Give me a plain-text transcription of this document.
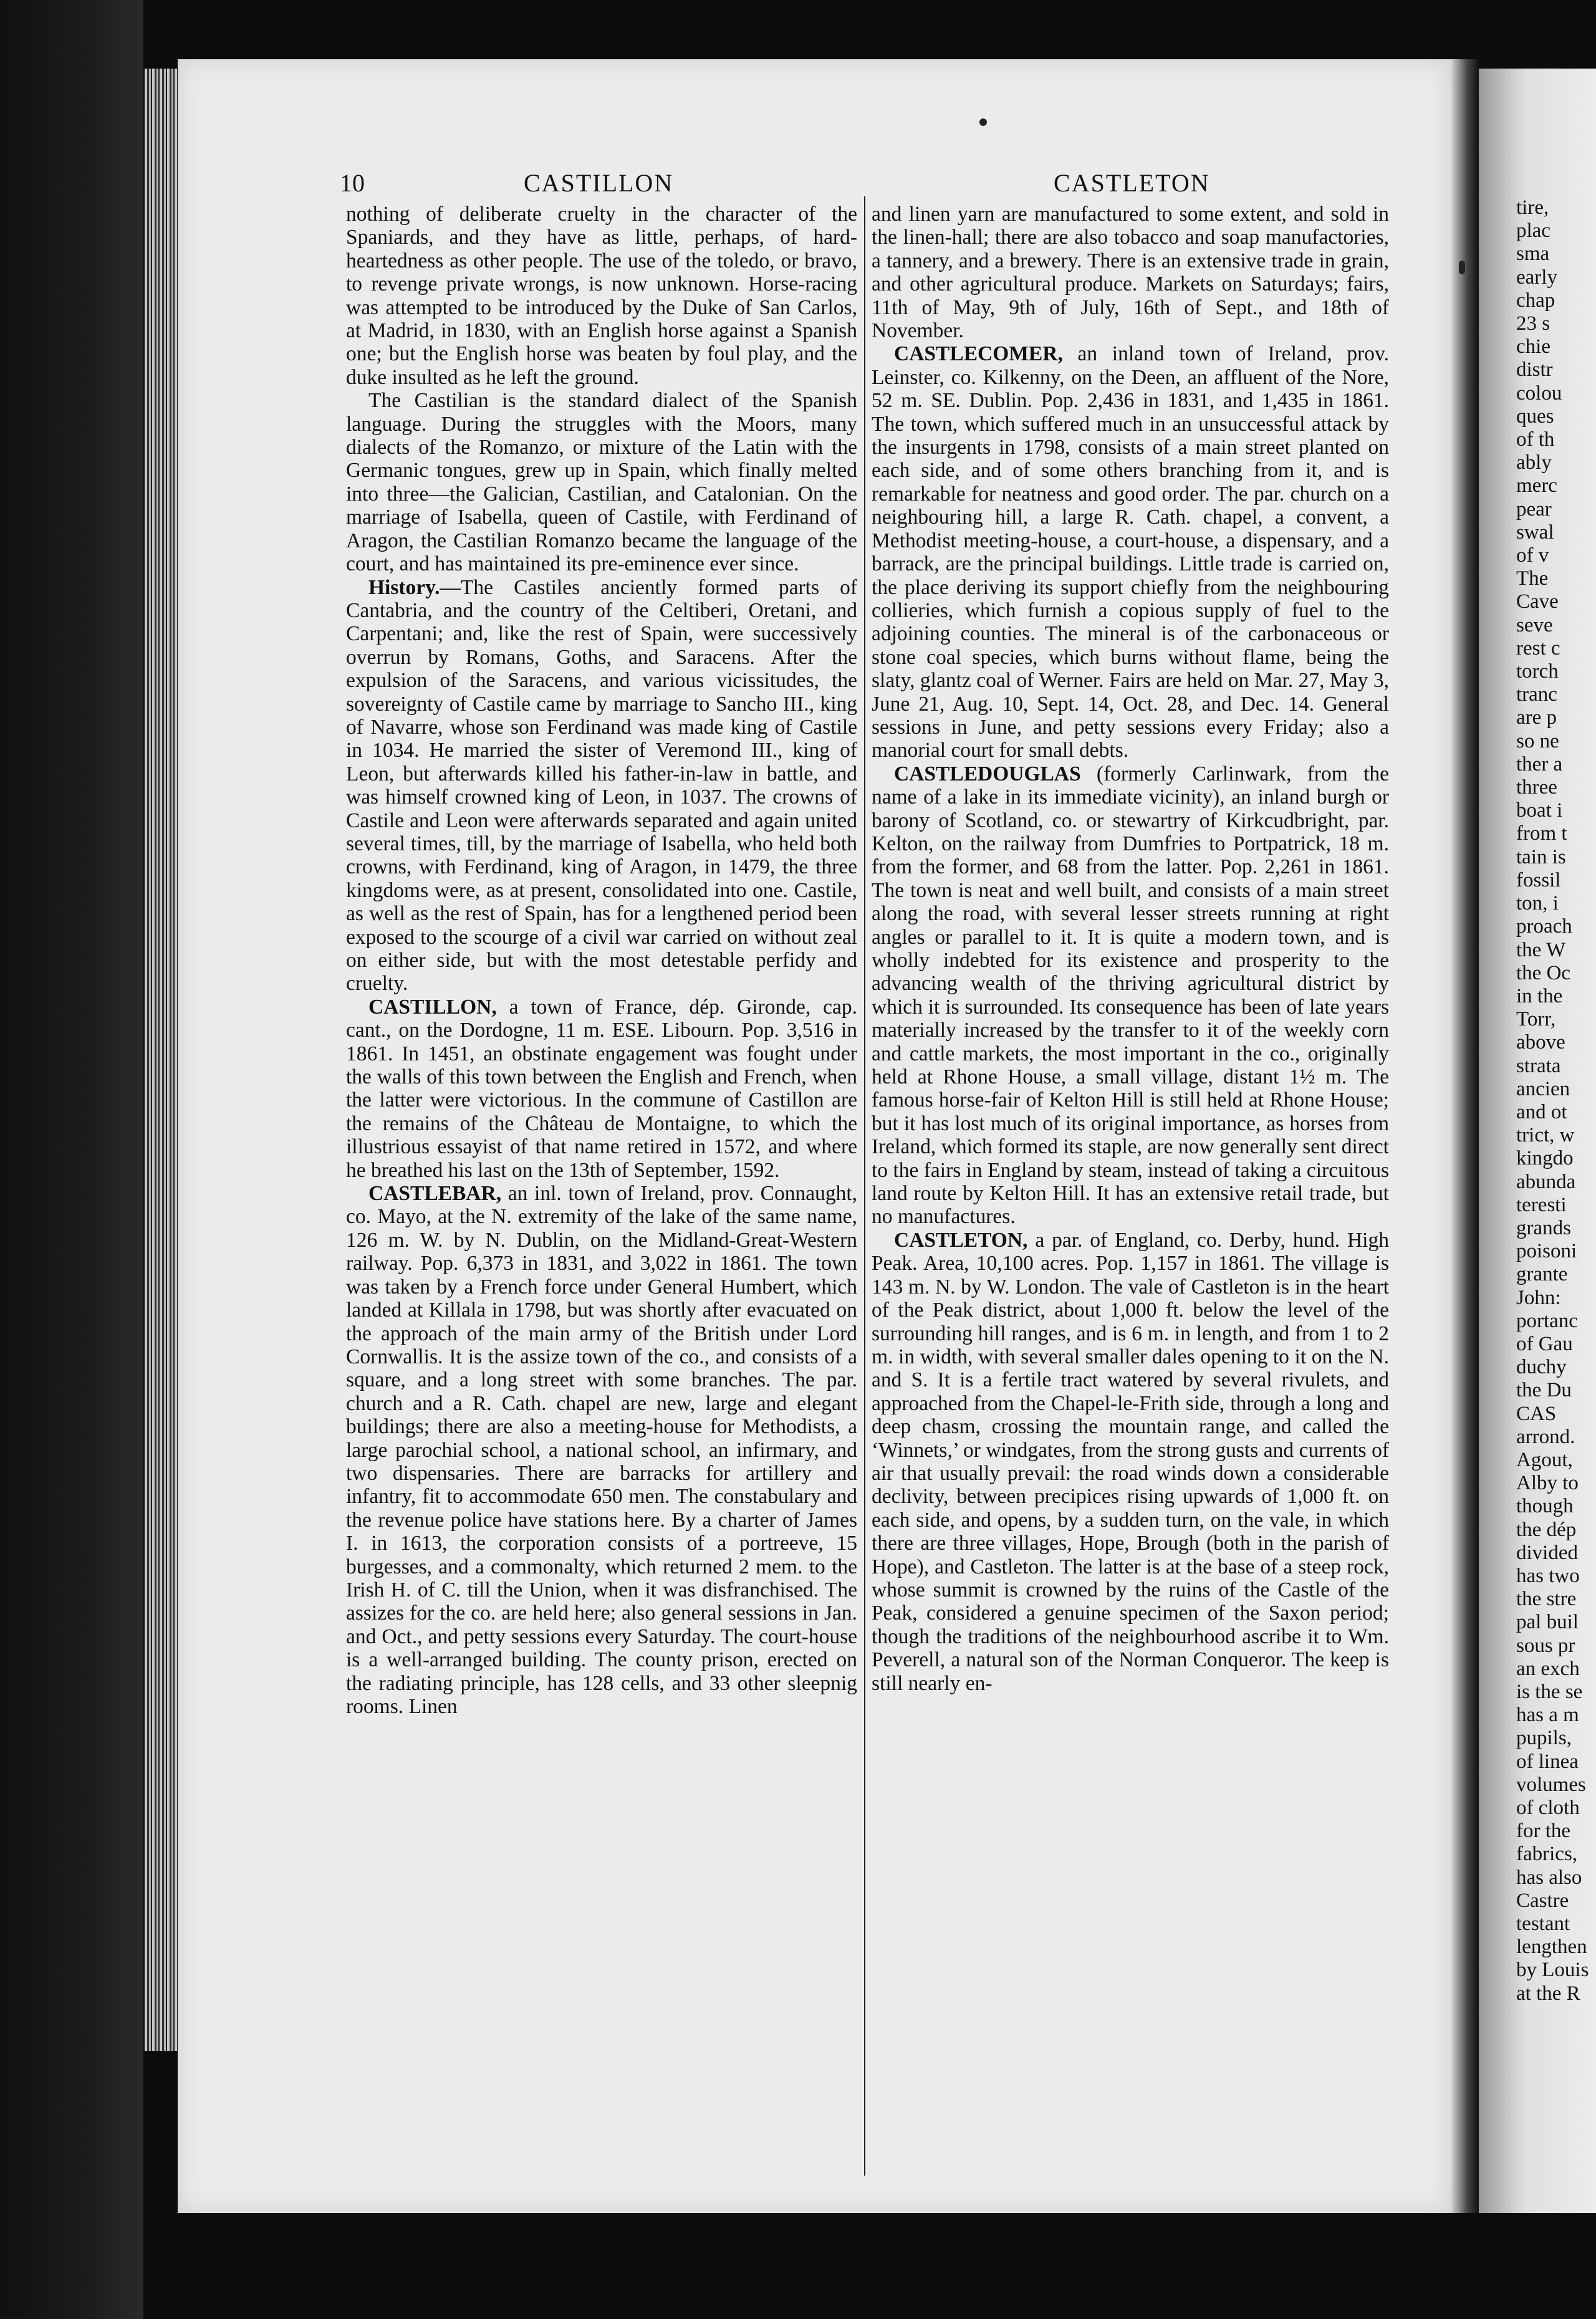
tire,
plac
sma
early
chap
23 s
chie
distr
colou
ques
of th
ably
merc
pear
swal
of v
The
Cave
seve
rest c
torch
tranc
are p
so ne
ther a
three
boat i
from t
tain is
fossil
ton, i
proach
the W
the Oc
in the
Torr,
above
strata
ancien
and ot
trict, w
kingdo
abunda
teresti
grands
poisoni
grante
John:
portanc
of Gau
duchy
the Du
CAS
arrond.
Agout,
Alby to
though
the dép
divided
has two
the stre
pal buil
sous pr
an exch
is the se
has a m
pupils,
of linea
volumes
of cloth
for the
fabrics,
has also
Castre
testant
lengthen
by Louis
at the R
10	CASTILLON	CASTLETON

nothing of deliberate cruelty in the character of the Spaniards, and they have as little, perhaps, of hard-heartedness as other people. The use of the toledo, or bravo, to revenge private wrongs, is now unknown. Horse-racing was attempted to be introduced by the Duke of San Carlos, at Madrid, in 1830, with an English horse against a Spanish one; but the English horse was beaten by foul play, and the duke insulted as he left the ground.

The Castilian is the standard dialect of the Spanish language. During the struggles with the Moors, many dialects of the Romanzo, or mixture of the Latin with the Germanic tongues, grew up in Spain, which finally melted into three—the Galician, Castilian, and Catalonian. On the marriage of Isabella, queen of Castile, with Ferdinand of Aragon, the Castilian Romanzo became the language of the court, and has maintained its pre-eminence ever since.

History.—The Castiles anciently formed parts of Cantabria, and the country of the Celtiberi, Oretani, and Carpentani; and, like the rest of Spain, were successively overrun by Romans, Goths, and Saracens. After the expulsion of the Saracens, and various vicissitudes, the sovereignty of Castile came by marriage to Sancho III., king of Navarre, whose son Ferdinand was made king of Castile in 1034. He married the sister of Veremond III., king of Leon, but afterwards killed his father-in-law in battle, and was himself crowned king of Leon, in 1037. The crowns of Castile and Leon were afterwards separated and again united several times, till, by the marriage of Isabella, who held both crowns, with Ferdinand, king of Aragon, in 1479, the three kingdoms were, as at present, consolidated into one. Castile, as well as the rest of Spain, has for a lengthened period been exposed to the scourge of a civil war carried on without zeal on either side, but with the most detestable perfidy and cruelty.

CASTILLON, a town of France, dép. Gironde, cap. cant., on the Dordogne, 11 m. ESE. Libourn. Pop. 3,516 in 1861. In 1451, an obstinate engagement was fought under the walls of this town between the English and French, when the latter were victorious. In the commune of Castillon are the remains of the Château de Montaigne, to which the illustrious essayist of that name retired in 1572, and where he breathed his last on the 13th of September, 1592.

CASTLEBAR, an inl. town of Ireland, prov. Connaught, co. Mayo, at the N. extremity of the lake of the same name, 126 m. W. by N. Dublin, on the Midland-Great-Western railway. Pop. 6,373 in 1831, and 3,022 in 1861. The town was taken by a French force under General Humbert, which landed at Killala in 1798, but was shortly after evacuated on the approach of the main army of the British under Lord Cornwallis. It is the assize town of the co., and consists of a square, and a long street with some branches. The par. church and a R. Cath. chapel are new, large and elegant buildings; there are also a meeting-house for Methodists, a large parochial school, a national school, an infirmary, and two dispensaries. There are barracks for artillery and infantry, fit to accommodate 650 men. The constabulary and the revenue police have stations here. By a charter of James I. in 1613, the corporation consists of a portreeve, 15 burgesses, and a commonalty, which returned 2 mem. to the Irish H. of C. till the Union, when it was disfranchised. The assizes for the co. are held here; also general sessions in Jan. and Oct., and petty sessions every Saturday. The court-house is a well-arranged building. The county prison, erected on the radiating principle, has 128 cells, and 33 other sleepnig rooms. Linen

and linen yarn are manufactured to some extent, and sold in the linen-hall; there are also tobacco and soap manufactories, a tannery, and a brewery. There is an extensive trade in grain, and other agricultural produce. Markets on Saturdays; fairs, 11th of May, 9th of July, 16th of Sept., and 18th of November.

CASTLECOMER, an inland town of Ireland, prov. Leinster, co. Kilkenny, on the Deen, an affluent of the Nore, 52 m. SE. Dublin. Pop. 2,436 in 1831, and 1,435 in 1861. The town, which suffered much in an unsuccessful attack by the insurgents in 1798, consists of a main street planted on each side, and of some others branching from it, and is remarkable for neatness and good order. The par. church on a neighbouring hill, a large R. Cath. chapel, a convent, a Methodist meeting-house, a court-house, a dispensary, and a barrack, are the principal buildings. Little trade is carried on, the place deriving its support chiefly from the neighbouring collieries, which furnish a copious supply of fuel to the adjoining counties. The mineral is of the carbonaceous or stone coal species, which burns without flame, being the slaty, glantz coal of Werner. Fairs are held on Mar. 27, May 3, June 21, Aug. 10, Sept. 14, Oct. 28, and Dec. 14. General sessions in June, and petty sessions every Friday; also a manorial court for small debts.

CASTLEDOUGLAS (formerly Carlinwark, from the name of a lake in its immediate vicinity), an inland burgh or barony of Scotland, co. or stewartry of Kirkcudbright, par. Kelton, on the railway from Dumfries to Portpatrick, 18 m. from the former, and 68 from the latter. Pop. 2,261 in 1861. The town is neat and well built, and consists of a main street along the road, with several lesser streets running at right angles or parallel to it. It is quite a modern town, and is wholly indebted for its existence and prosperity to the advancing wealth of the thriving agricultural district by which it is surrounded. Its consequence has been of late years materially increased by the transfer to it of the weekly corn and cattle markets, the most important in the co., originally held at Rhone House, a small village, distant 1½ m. The famous horse-fair of Kelton Hill is still held at Rhone House; but it has lost much of its original importance, as horses from Ireland, which formed its staple, are now generally sent direct to the fairs in England by steam, instead of taking a circuitous land route by Kelton Hill. It has an extensive retail trade, but no manufactures.

CASTLETON, a par. of England, co. Derby, hund. High Peak. Area, 10,100 acres. Pop. 1,157 in 1861. The village is 143 m. N. by W. London. The vale of Castleton is in the heart of the Peak district, about 1,000 ft. below the level of the surrounding hill ranges, and is 6 m. in length, and from 1 to 2 m. in width, with several smaller dales opening to it on the N. and S. It is a fertile tract watered by several rivulets, and approached from the Chapel-le-Frith side, through a long and deep chasm, crossing the mountain range, and called the ‘Winnets,’ or windgates, from the strong gusts and currents of air that usually prevail: the road winds down a considerable declivity, between precipices rising upwards of 1,000 ft. on each side, and opens, by a sudden turn, on the vale, in which there are three villages, Hope, Brough (both in the parish of Hope), and Castleton. The latter is at the base of a steep rock, whose summit is crowned by the ruins of the Castle of the Peak, considered a genuine specimen of the Saxon period; though the traditions of the neighbourhood ascribe it to Wm. Peverell, a natural son of the Norman Conqueror. The keep is still nearly en-
